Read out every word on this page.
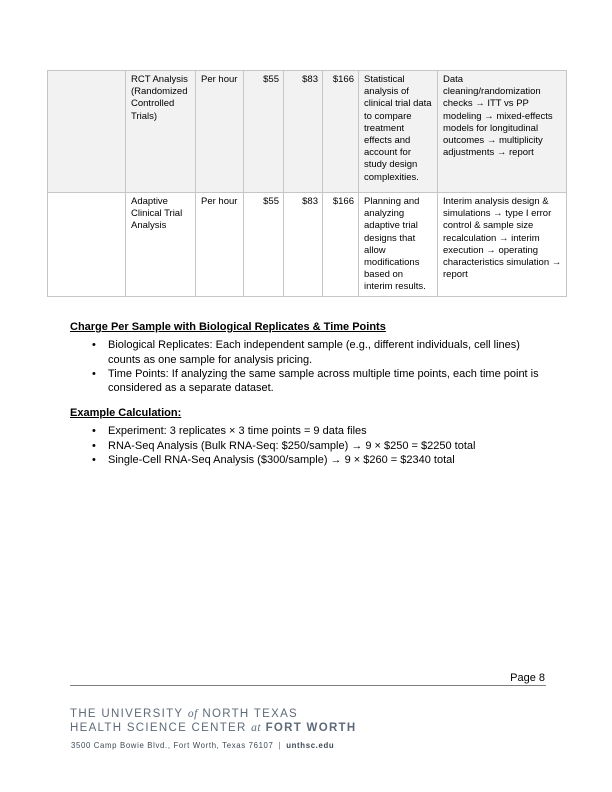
	RCT Analysis (Randomized Controlled Trials)	Per hour	$55	$83	$166	Statistical analysis of clinical trial data to compare treatment effects and account for study design complexities.	Data cleaning/randomization checks → ITT vs PP modeling → mixed-effects models for longitudinal outcomes → multiplicity adjustments → report
	Adaptive Clinical Trial Analysis	Per hour	$55	$83	$166	Planning and analyzing adaptive trial designs that allow modifications based on interim results.	Interim analysis design & simulations → type I error control & sample size recalculation → interim execution → operating characteristics simulation → report
Charge Per Sample with Biological Replicates & Time Points
• Biological Replicates: Each independent sample (e.g., different individuals, cell lines) counts as one sample for analysis pricing.
• Time Points: If analyzing the same sample across multiple time points, each time point is considered as a separate dataset.
Example Calculation:
• Experiment: 3 replicates × 3 time points = 9 data files
• RNA-Seq Analysis (Bulk RNA-Seq: $250/sample) → 9 × $250 = $2250 total
• Single-Cell RNA-Seq Analysis ($300/sample) → 9 × $260 = $2340 total
Page 8
THE UNIVERSITY of NORTH TEXAS
HEALTH SCIENCE CENTER at FORT WORTH
3500 Camp Bowie Blvd., Fort Worth, Texas 76107 | unthsc.edu
